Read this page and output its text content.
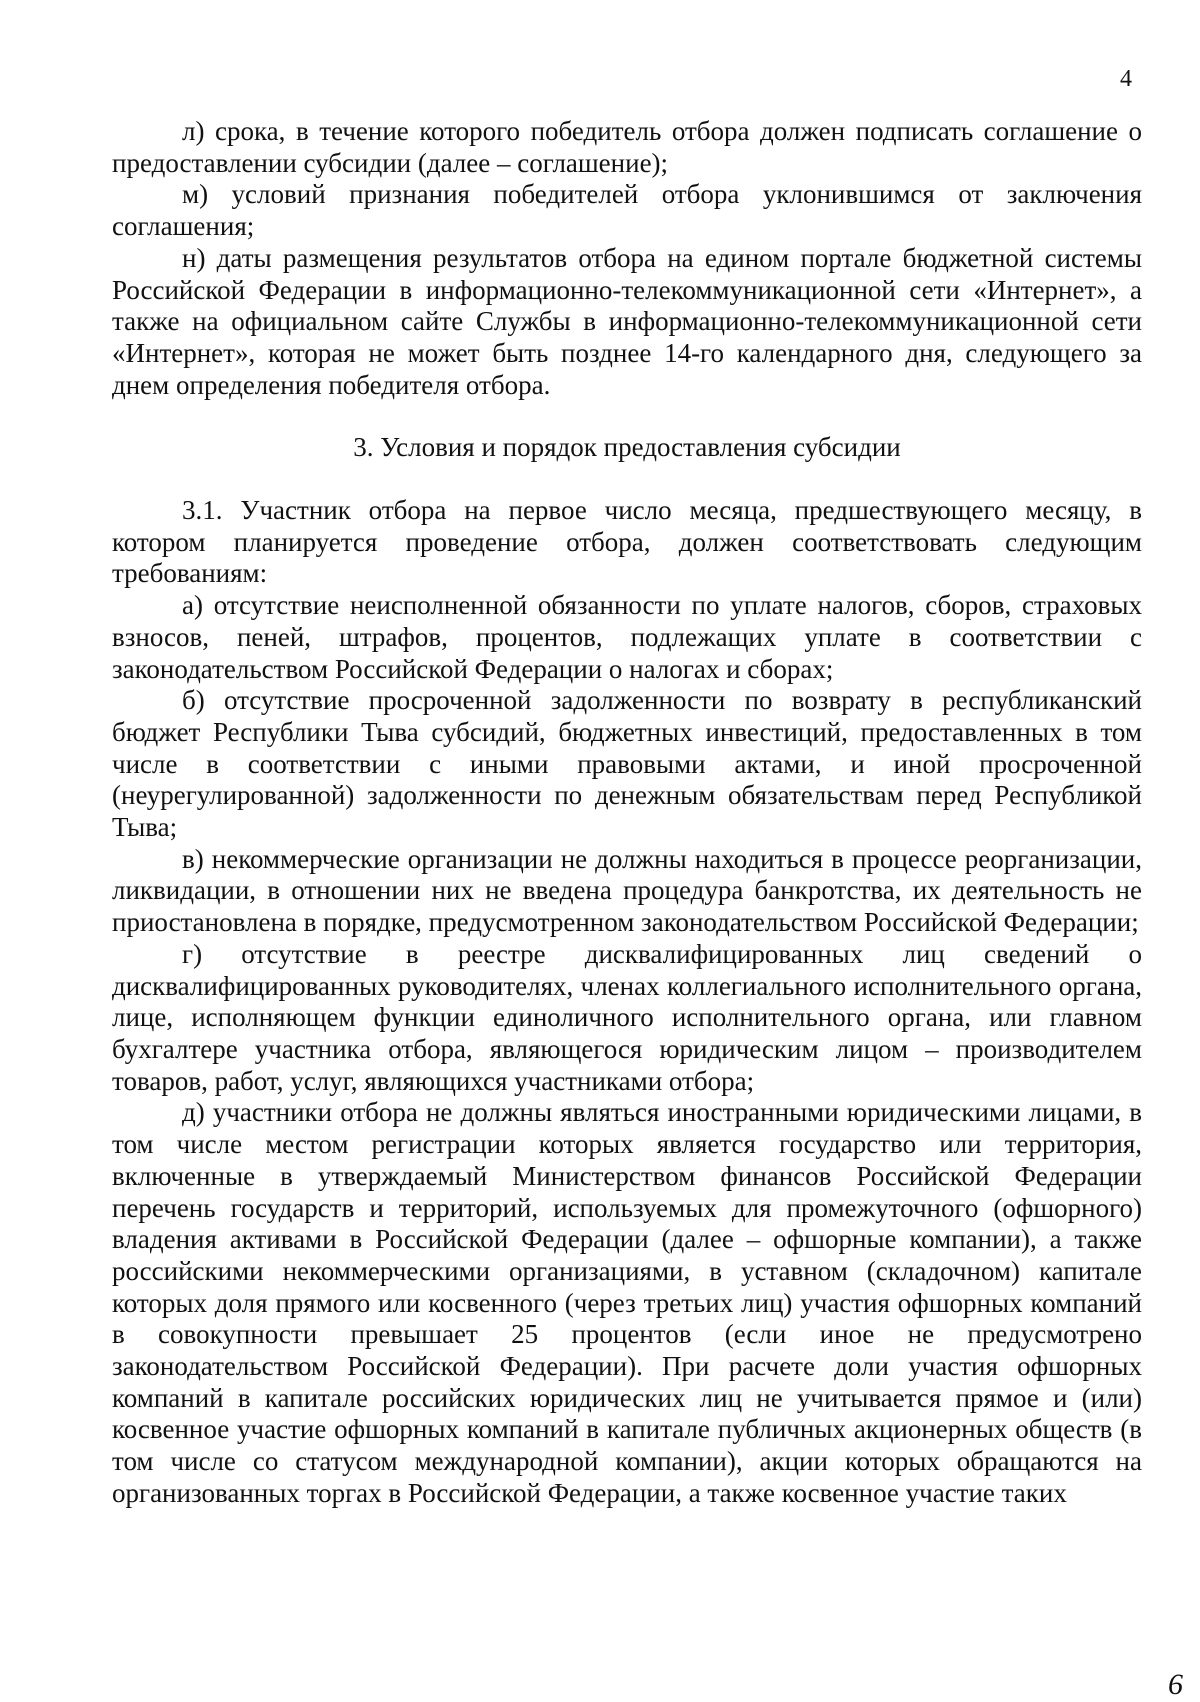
4

л) срока, в течение которого победитель отбора должен подписать соглашение о предоставлении субсидии (далее – соглашение);

м) условий признания победителей отбора уклонившимся от заключения соглашения;

н) даты размещения результатов отбора на едином портале бюджетной системы Российской Федерации в информационно-телекоммуникационной сети «Интернет», а также на официальном сайте Службы в информационно-телекоммуникационной сети «Интернет», которая не может быть позднее 14-го календарного дня, следующего за днем определения победителя отбора.

3. Условия и порядок предоставления субсидии

3.1. Участник отбора на первое число месяца, предшествующего месяцу, в котором планируется проведение отбора, должен соответствовать следующим требованиям:

а) отсутствие неисполненной обязанности по уплате налогов, сборов, страховых взносов, пеней, штрафов, процентов, подлежащих уплате в соответствии с законодательством Российской Федерации о налогах и сборах;

б) отсутствие просроченной задолженности по возврату в республиканский бюджет Республики Тыва субсидий, бюджетных инвестиций, предоставленных в том числе в соответствии с иными правовыми актами, и иной просроченной (неурегулированной) задолженности по денежным обязательствам перед Республикой Тыва;

в) некоммерческие организации не должны находиться в процессе реорганизации, ликвидации, в отношении них не введена процедура банкротства, их деятельность не приостановлена в порядке, предусмотренном законодательством Российской Федерации;

г) отсутствие в реестре дисквалифицированных лиц сведений о дисквалифицированных руководителях, членах коллегиального исполнительного органа, лице, исполняющем функции единоличного исполнительного органа, или главном бухгалтере участника отбора, являющегося юридическим лицом – производителем товаров, работ, услуг, являющихся участниками отбора;

д) участники отбора не должны являться иностранными юридическими лицами, в том числе местом регистрации которых является государство или территория, включенные в утверждаемый Министерством финансов Российской Федерации перечень государств и территорий, используемых для промежуточного (офшорного) владения активами в Российской Федерации (далее – офшорные компании), а также российскими некоммерческими организациями, в уставном (складочном) капитале которых доля прямого или косвенного (через третьих лиц) участия офшорных компаний в совокупности превышает 25 процентов (если иное не предусмотрено законодательством Российской Федерации). При расчете доли участия офшорных компаний в капитале российских юридических лиц не учитывается прямое и (или) косвенное участие офшорных компаний в капитале публичных акционерных обществ (в том числе со статусом международной компании), акции которых обращаются на организованных торгах в Российской Федерации, а также косвенное участие таких

6
